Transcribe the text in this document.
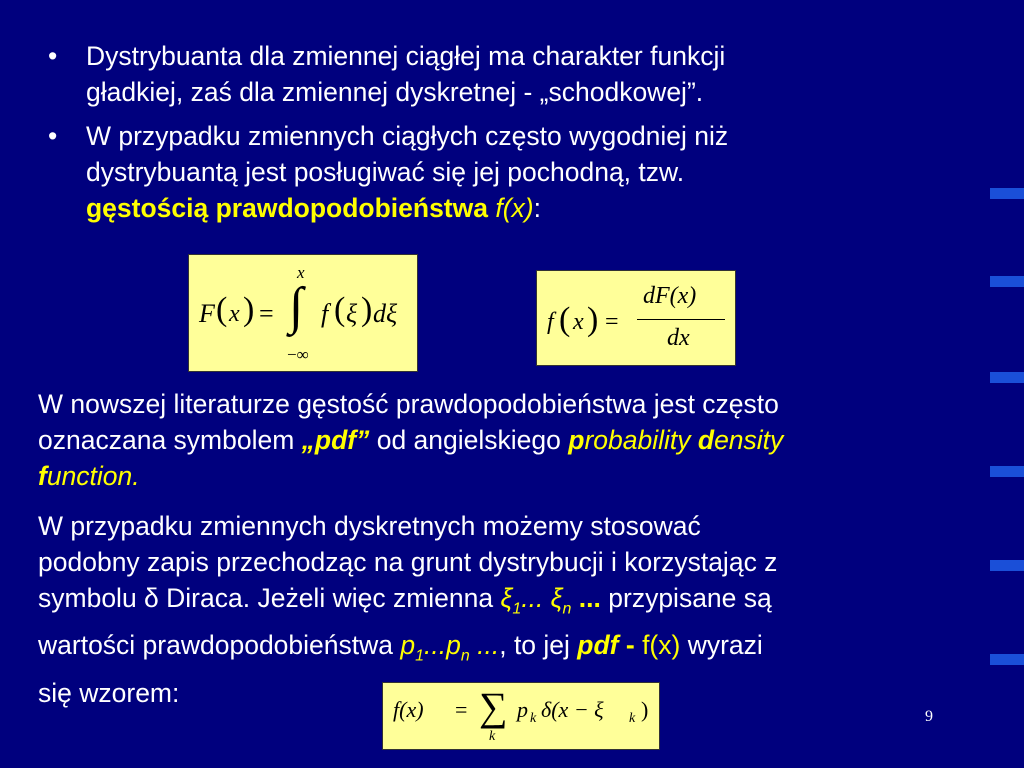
• Dystrybuanta dla zmiennej ciągłej ma charakter funkcji
gładkiej, zaś dla zmiennej dyskretnej - „schodkowej”.
• W przypadku zmiennych ciągłych często wygodniej niż
dystrybuantą jest posługiwać się jej pochodną, tzw.
gęstością prawdopodobieństwa f(x):
F ( x ) =
x
∫
−∞
f ( ξ ) dξ	f ( x ) =
dF(x)
dx

W nowszej literaturze gęstość prawdopodobieństwa jest często
oznaczana symbolem „pdf” od angielskiego probability density
function.

W przypadku zmiennych dyskretnych możemy stosować
podobny zapis przechodząc na grunt dystrybucji i korzystając z
symbolu δ Diraca. Jeżeli więc zmienna $\xi_1$... $\xi_n$ ... przypisane są
wartości prawdopodobieństwa $p_1...p_n$ ..., to jej pdf - f(x) wyrazi
się wzorem:

f(x) = ∑
k
p k δ(x − ξ k )	9
